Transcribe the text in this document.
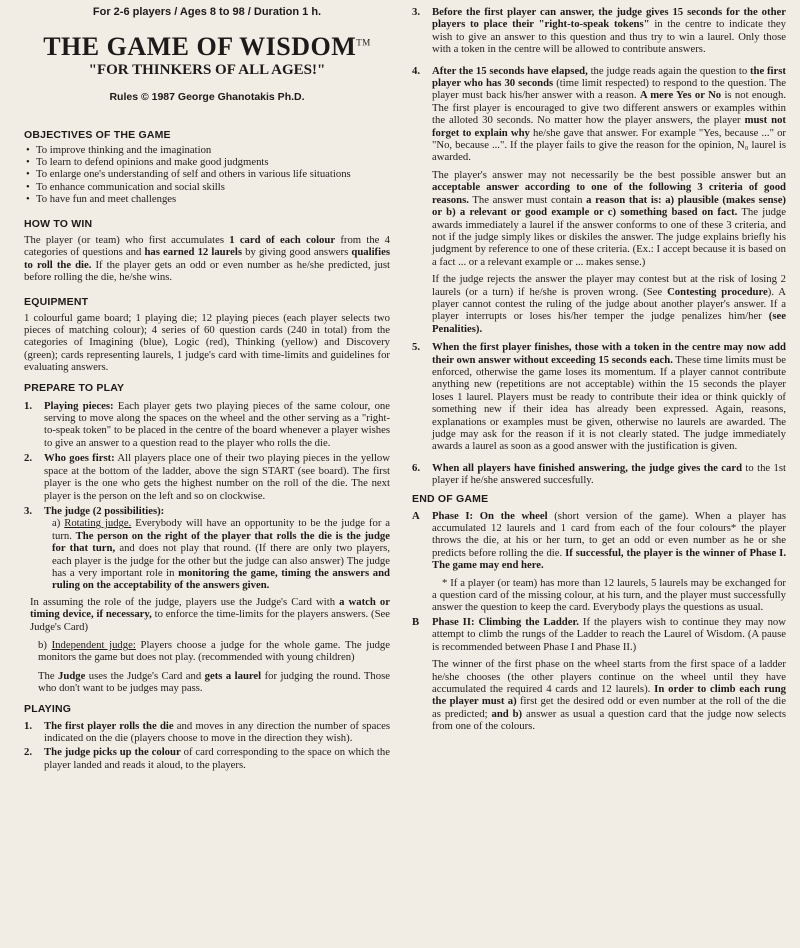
For 2-6 players / Ages 8 to 98 / Duration 1 h.

THE GAME OF WISDOM™

"FOR THINKERS OF ALL AGES!"

Rules © 1987 George Ghanotakis Ph.D.

OBJECTIVES OF THE GAME

• To improve thinking and the imagination
• To learn to defend opinions and make good judgments
• To enlarge one's understanding of self and others in various life situations
• To enhance communication and social skills
• To have fun and meet challenges

HOW TO WIN

The player (or team) who first accumulates 1 card of each colour from the 4 categories of questions and has earned 12 laurels by giving good answers qualifies to roll the die. If the player gets an odd or even number as he/she predicted, just before rolling the die, he/she wins.

EQUIPMENT

1 colourful game board; 1 playing die; 12 playing pieces (each player selects two pieces of matching colour); 4 series of 60 question cards (240 in total) from the categories of Imagining (blue), Logic (red), Thinking (yellow) and Discovery (green); cards representing laurels, 1 judge's card with time-limits and guidelines for evaluating answers.

PREPARE TO PLAY

1. Playing pieces: Each player gets two playing pieces of the same colour, one serving to move along the spaces on the wheel and the other serving as a "right-to-speak token" to be placed in the centre of the board whenever a player wishes to give an answer to a question read to the player who rolls the die.

2. Who goes first: All players place one of their two playing pieces in the yellow space at the bottom of the ladder, above the sign START (see board). The first player is the one who gets the highest number on the roll of the die. The next player is the person on the left and so on clockwise.

3. The judge (2 possibilities):

a) Rotating judge. Everybody will have an opportunity to be the judge for a turn. The person on the right of the player that rolls the die is the judge for that turn, and does not play that round. (If there are only two players, each player is the judge for the other but the judge can also answer) The judge has a very important role in monitoring the game, timing the answers and ruling on the acceptability of the answers given.

In assuming the role of the judge, players use the Judge's Card with a watch or timing device, if necessary, to enforce the time-limits for the players answers. (See Judge's Card)

b) Independent judge: Players choose a judge for the whole game. The judge monitors the game but does not play. (recommended with young children)

The Judge uses the Judge's Card and gets a laurel for judging the round. Those who don't want to be judges may pass.

PLAYING

1. The first player rolls the die and moves in any direction the number of spaces indicated on the die (players choose to move in the direction they wish).

2. The judge picks up the colour of card corresponding to the space on which the player landed and reads it aloud, to the players.

3. Before the first player can answer, the judge gives 15 seconds for the other players to place their "right-to-speak tokens" in the centre to indicate they wish to give an answer to this question and thus try to win a laurel. Only those with a token in the centre will be allowed to contribute answers.

4. After the 15 seconds have elapsed, the judge reads again the question to the first player who has 30 seconds (time limit respected) to respond to the question. The player must back his/her answer with a reason. A mere Yes or No is not enough. The first player is encouraged to give two different answers or examples within the alloted 30 seconds. No matter how the player answers, the player must not forget to explain why he/she gave that answer. For example "Yes, because ..." or "No, because ...". If the player fails to give the reason for the opinion, N₀ laurel is awarded.

The player's answer may not necessarily be the best possible answer but an acceptable answer according to one of the following 3 criteria of good reasons. The answer must contain a reason that is: a) plausible (makes sense) or b) a relevant or good example or c) something based on fact. The judge awards immediately a laurel if the answer conforms to one of these 3 criteria, and not if the judge simply likes or diskiles the answer. The judge explains briefly his judgment by reference to one of these criteria. (Ex.: I accept because it is based on a fact ... or a relevant example or ... makes sense.)

If the judge rejects the answer the player may contest but at the risk of losing 2 laurels (or a turn) if he/she is proven wrong. (See Contesting procedure). A player cannot contest the ruling of the judge about another player's answer. If a player interrupts or loses his/her temper the judge penalizes him/her (see Penalities).

5. When the first player finishes, those with a token in the centre may now add their own answer without exceeding 15 seconds each. These time limits must be enforced, otherwise the game loses its momentum. If a player cannot contribute anything new (repetitions are not acceptable) within the 15 seconds the player loses 1 laurel. Players must be ready to contribute their idea or think quickly of something new if their idea has already been expressed. Again, reasons, explanations or examples must be given, otherwise no laurels are awarded. The judge may ask for the reason if it is not clearly stated. The judge immediately awards a laurel as soon as a good answer with the justification is given.

6. When all players have finished answering, the judge gives the card to the 1st player if he/she answered succesfully.

END OF GAME

A Phase I: On the wheel (short version of the game). When a player has accumulated 12 laurels and 1 card from each of the four colours* the player throws the die, at his or her turn, to get an odd or even number as he or she predicts before rolling the die. If successful, the player is the winner of Phase I. The game may end here.

* If a player (or team) has more than 12 laurels, 5 laurels may be exchanged for a question card of the missing colour, at his turn, and the player must successfully answer the question to keep the card. Everybody plays the questions as usual.

B Phase II: Climbing the Ladder. If the players wish to continue they may now attempt to climb the rungs of the Ladder to reach the Laurel of Wisdom. (A pause is recommended between Phase I and Phase II.)

The winner of the first phase on the wheel starts from the first space of a ladder he/she chooses (the other players continue on the wheel until they have accumulated the required 4 cards and 12 laurels). In order to climb each rung the player must a) first get the desired odd or even number at the roll of the die as predicted; and b) answer as usual a question card that the judge now selects from one of the colours.
